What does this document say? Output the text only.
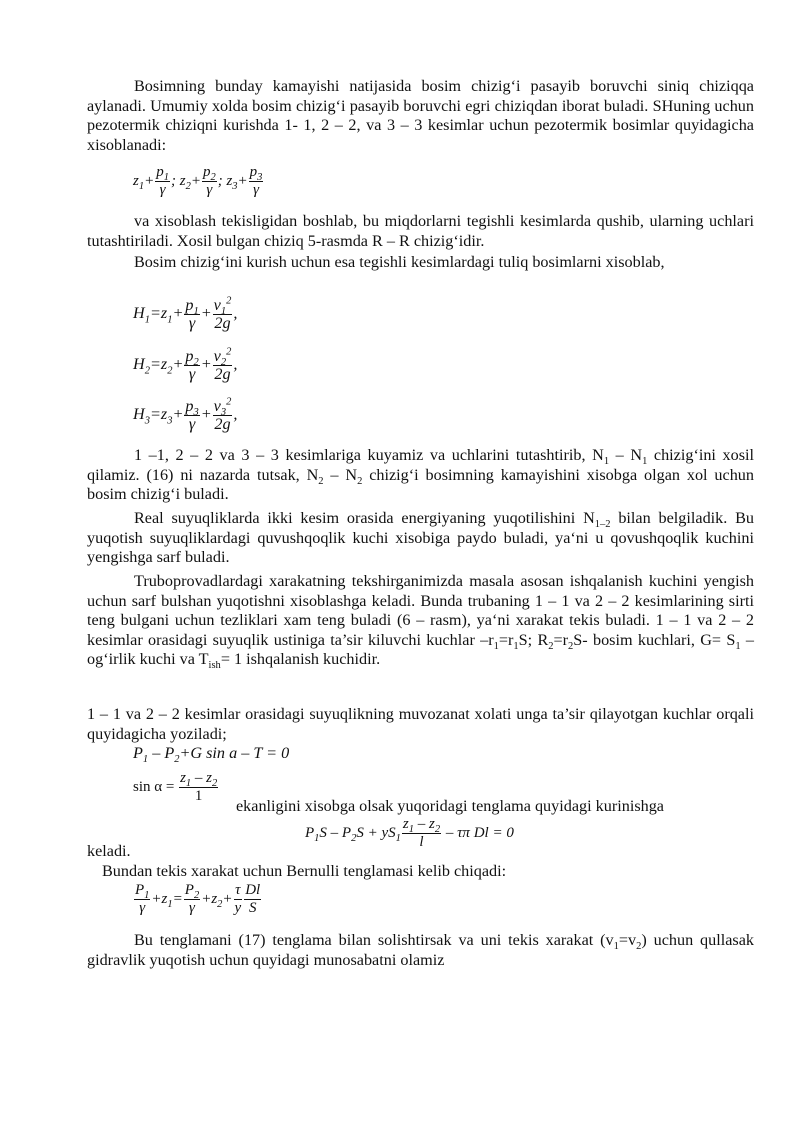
Bosimning bunday kamayishi natijasida bosim chizig‘i pasayib boruvchi siniq chiziqqa aylanadi. Umumiy xolda bosim chizig‘i pasayib boruvchi egri chiziqdan iborat buladi. SHuning uchun pezotermik chiziqni kurishda 1- 1, 2 – 2, va 3 – 3 kesimlar uchun pezotermik bosimlar quyidagicha xisoblanadi:

$z_1+ \frac{p_1}{\gamma}$ ; $z_2+ \frac{p_2}{\gamma}$ ; $z_3+ \frac{p_3}{\gamma}$

va xisoblash tekisligidan boshlab, bu miqdorlarni tegishli kesimlarda qushib, ularning uchlari tutashtiriladi. Xosil bulgan chiziq 5-rasmda R – R chizig‘idir.

Bosim chizig‘ini kurish uchun esa tegishli kesimlardagi tuliq bosimlarni xisoblab,

$H_1=z_1+ \frac{p_1}{\gamma} + \frac{v_1^2}{2g}$ ,
$H_2=z_2+ \frac{p_2}{\gamma} + \frac{v_2^2}{2g}$ ,
$H_3=z_3+ \frac{p_3}{\gamma} + \frac{v_3^2}{2g}$ ,

1 –1, 2 – 2 va 3 – 3 kesimlariga kuyamiz va uchlarini tutashtirib, $N_1 - N_1$ chizig‘ini xosil qilamiz. (16) ni nazarda tutsak, $N_2 - N_2$ chizig‘i bosimning kamayishini xisobga olgan xol uchun bosim chizig‘i buladi.

Real suyuqliklarda ikki kesim orasida energiyaning yuqotilishini $N_{1-2}$ bilan belgiladik. Bu yuqotish suyuqliklardagi quvushqoqlik kuchi xisobiga paydo buladi, ya‘ni u qovushqoqlik kuchini yengishga sarf buladi.

Truboprovadlardagi xarakatning tekshirganimizda masala asosan ishqalanish kuchini yengish uchun sarf bulshan yuqotishni xisoblashga keladi. Bunda trubaning 1 – 1 va 2 – 2 kesimlarining sirti teng bulgani uchun tezliklari xam teng buladi (6 – rasm), ya‘ni xarakat tekis buladi. 1 – 1 va 2 – 2 kesimlar orasidagi suyuqlik ustiniga ta’sir kiluvchi kuchlar $-r_1=r_1S$; $R_2=r_2S-$ bosim kuchlari, $G= S_1$ – og‘irlik kuchi va $T_{ish}= 1$ ishqalanish kuchidir.

1 – 1 va 2 – 2 kesimlar orasidagi suyuqlikning muvozanat xolati unga ta’sir qilayotgan kuchlar orqali quyidagicha yoziladi;

$P_1 - P_2+G$ sin a – T = 0
$\sin \alpha = \frac{z_1 - z_2}{1}$

ekanligini xisobga olsak yuqoridagi tenglama quyidagi kurinishga

$P_1S - P_2S + yS_1 \frac{z_1 - z_2}{l} - \tau\pi$ Dl = 0

keladi.

Bundan tekis xarakat uchun Bernulli tenglamasi kelib chiqadi:

$\frac{P_1}{\gamma} +z_1= \frac{P_2}{\gamma} +z_2+ \frac{\tau}{y} \frac{Dl}{S}$

Bu tenglamani (17) tenglama bilan solishtirsak va uni tekis xarakat $(v_1=v_2)$ uchun qullasak gidravlik yuqotish uchun quyidagi munosabatni olamiz
